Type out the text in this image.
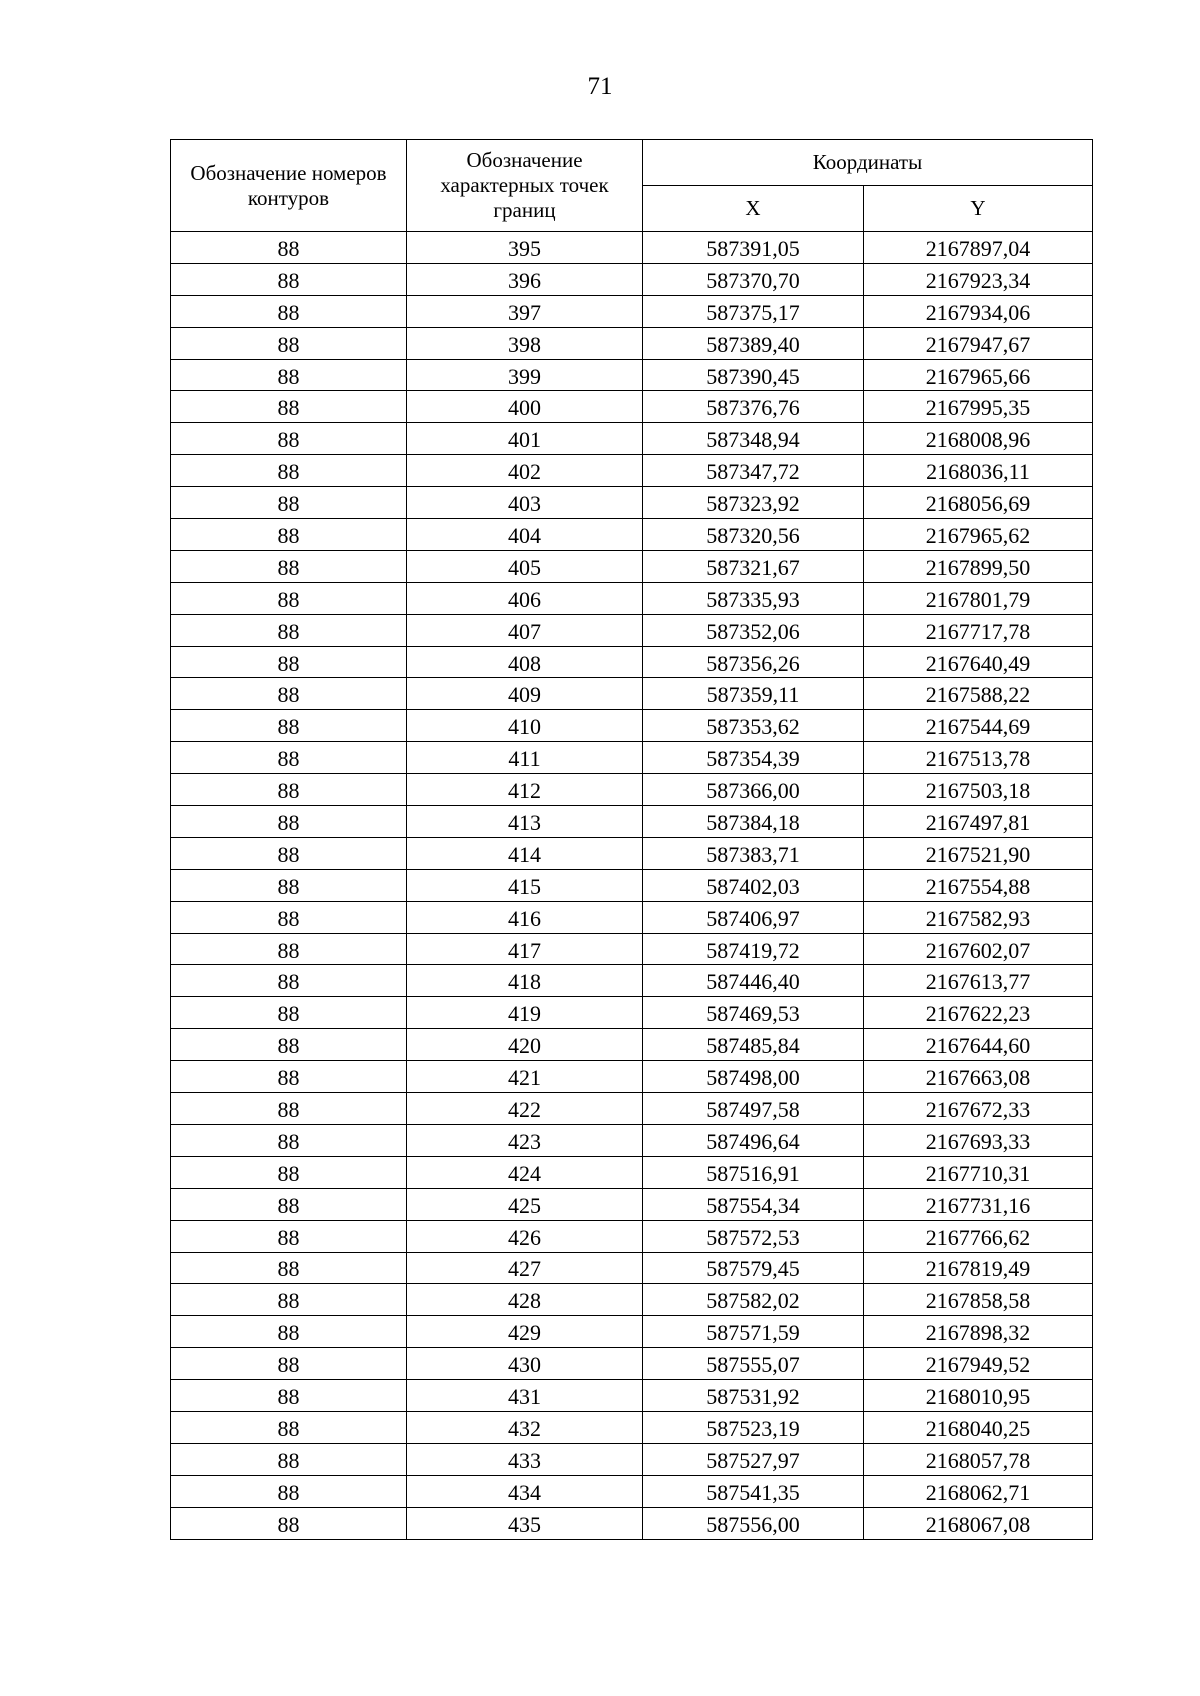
71
Обозначение номеров контуров	Обозначение характерных точек границ	Координаты	
		X	Y
88	395	587391,05	2167897,04
88	396	587370,70	2167923,34
88	397	587375,17	2167934,06
88	398	587389,40	2167947,67
88	399	587390,45	2167965,66
88	400	587376,76	2167995,35
88	401	587348,94	2168008,96
88	402	587347,72	2168036,11
88	403	587323,92	2168056,69
88	404	587320,56	2167965,62
88	405	587321,67	2167899,50
88	406	587335,93	2167801,79
88	407	587352,06	2167717,78
88	408	587356,26	2167640,49
88	409	587359,11	2167588,22
88	410	587353,62	2167544,69
88	411	587354,39	2167513,78
88	412	587366,00	2167503,18
88	413	587384,18	2167497,81
88	414	587383,71	2167521,90
88	415	587402,03	2167554,88
88	416	587406,97	2167582,93
88	417	587419,72	2167602,07
88	418	587446,40	2167613,77
88	419	587469,53	2167622,23
88	420	587485,84	2167644,60
88	421	587498,00	2167663,08
88	422	587497,58	2167672,33
88	423	587496,64	2167693,33
88	424	587516,91	2167710,31
88	425	587554,34	2167731,16
88	426	587572,53	2167766,62
88	427	587579,45	2167819,49
88	428	587582,02	2167858,58
88	429	587571,59	2167898,32
88	430	587555,07	2167949,52
88	431	587531,92	2168010,95
88	432	587523,19	2168040,25
88	433	587527,97	2168057,78
88	434	587541,35	2168062,71
88	435	587556,00	2168067,08
